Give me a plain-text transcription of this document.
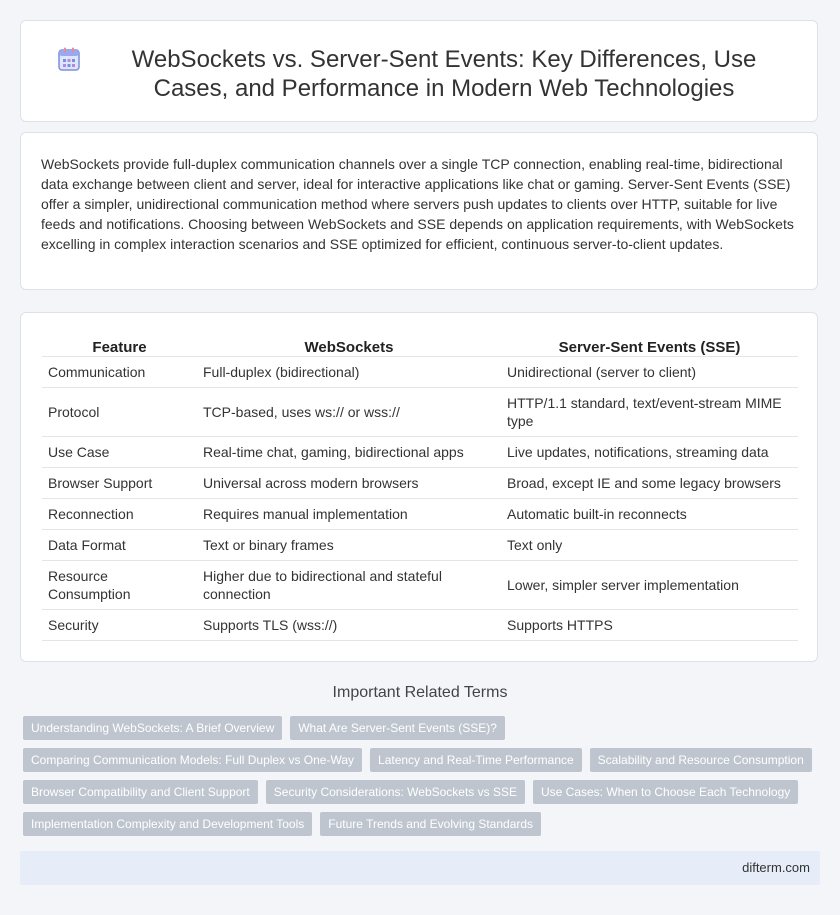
WebSockets vs. Server-Sent Events: Key Differences, Use Cases, and Performance in Modern Web Technologies

WebSockets provide full-duplex communication channels over a single TCP connection, enabling real-time, bidirectional data exchange between client and server, ideal for interactive applications like chat or gaming. Server-Sent Events (SSE) offer a simpler, unidirectional communication method where servers push updates to clients over HTTP, suitable for live feeds and notifications. Choosing between WebSockets and SSE depends on application requirements, with WebSockets excelling in complex interaction scenarios and SSE optimized for efficient, continuous server-to-client updates.

Feature	WebSockets	Server-Sent Events (SSE)
Communication	Full-duplex (bidirectional)	Unidirectional (server to client)
Protocol	TCP-based, uses ws:// or wss://	HTTP/1.1 standard, text/event-stream MIME type
Use Case	Real-time chat, gaming, bidirectional apps	Live updates, notifications, streaming data
Browser Support	Universal across modern browsers	Broad, except IE and some legacy browsers
Reconnection	Requires manual implementation	Automatic built-in reconnects
Data Format	Text or binary frames	Text only
Resource Consumption	Higher due to bidirectional and stateful connection	Lower, simpler server implementation
Security	Supports TLS (wss://)	Supports HTTPS
Important Related Terms
Understanding WebSockets: A Brief Overview	What Are Server-Sent Events (SSE)?
Comparing Communication Models: Full Duplex vs One-Way	Latency and Real-Time Performance	Scalability and Resource Consumption
Browser Compatibility and Client Support	Security Considerations: WebSockets vs SSE	Use Cases: When to Choose Each Technology
Implementation Complexity and Development Tools	Future Trends and Evolving Standards
difterm.com
